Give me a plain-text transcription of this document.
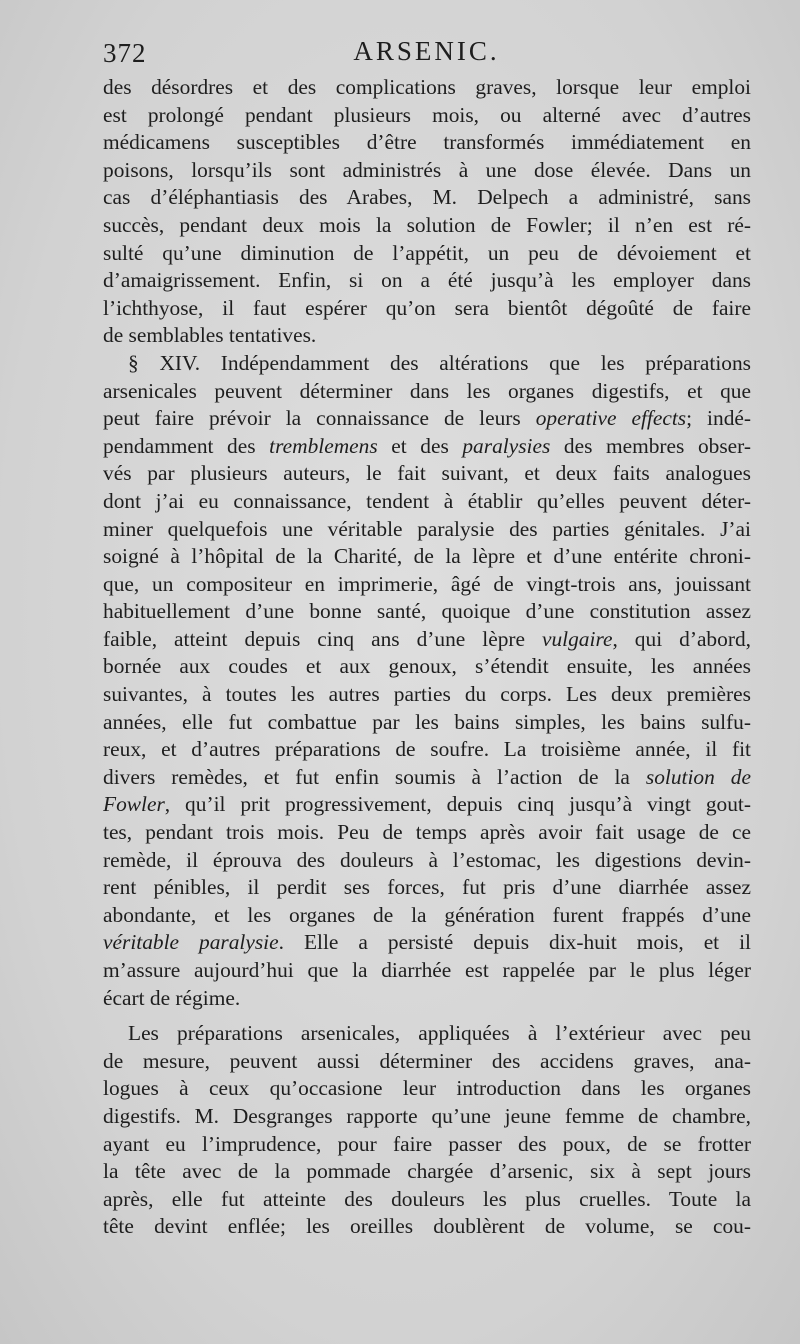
372	ARSENIC.
des désordres et des complications graves, lorsque leur emploi
est prolongé pendant plusieurs mois, ou alterné avec d’autres
médicamens susceptibles d’être transformés immédiatement en
poisons, lorsqu’ils sont administrés à une dose élevée. Dans un
cas d’éléphantiasis des Arabes, M. Delpech a administré, sans
succès, pendant deux mois la solution de Fowler; il n’en est ré-
sulté qu’une diminution de l’appétit, un peu de dévoiement et
d’amaigrissement. Enfin, si on a été jusqu’à les employer dans
l’ichthyose, il faut espérer qu’on sera bientôt dégoûté de faire
de semblables tentatives.
§ XIV. Indépendamment des altérations que les préparations
arsenicales peuvent déterminer dans les organes digestifs, et que
peut faire prévoir la connaissance de leurs operative effects; indé-
pendamment des tremblemens et des paralysies des membres obser-
vés par plusieurs auteurs, le fait suivant, et deux faits analogues
dont j’ai eu connaissance, tendent à établir qu’elles peuvent déter-
miner quelquefois une véritable paralysie des parties génitales. J’ai
soigné à l’hôpital de la Charité, de la lèpre et d’une entérite chroni-
que, un compositeur en imprimerie, âgé de vingt-trois ans, jouissant
habituellement d’une bonne santé, quoique d’une constitution assez
faible, atteint depuis cinq ans d’une lèpre vulgaire, qui d’abord,
bornée aux coudes et aux genoux, s’étendit ensuite, les années
suivantes, à toutes les autres parties du corps. Les deux premières
années, elle fut combattue par les bains simples, les bains sulfu-
reux, et d’autres préparations de soufre. La troisième année, il fit
divers remèdes, et fut enfin soumis à l’action de la solution de
Fowler, qu’il prit progressivement, depuis cinq jusqu’à vingt gout-
tes, pendant trois mois. Peu de temps après avoir fait usage de ce
remède, il éprouva des douleurs à l’estomac, les digestions devin-
rent pénibles, il perdit ses forces, fut pris d’une diarrhée assez
abondante, et les organes de la génération furent frappés d’une
véritable paralysie. Elle a persisté depuis dix-huit mois, et il
m’assure aujourd’hui que la diarrhée est rappelée par le plus léger
écart de régime.
Les préparations arsenicales, appliquées à l’extérieur avec peu
de mesure, peuvent aussi déterminer des accidens graves, ana-
logues à ceux qu’occasione leur introduction dans les organes
digestifs. M. Desgranges rapporte qu’une jeune femme de chambre,
ayant eu l’imprudence, pour faire passer des poux, de se frotter
la tête avec de la pommade chargée d’arsenic, six à sept jours
après, elle fut atteinte des douleurs les plus cruelles. Toute la
tête devint enflée; les oreilles doublèrent de volume, se cou-
